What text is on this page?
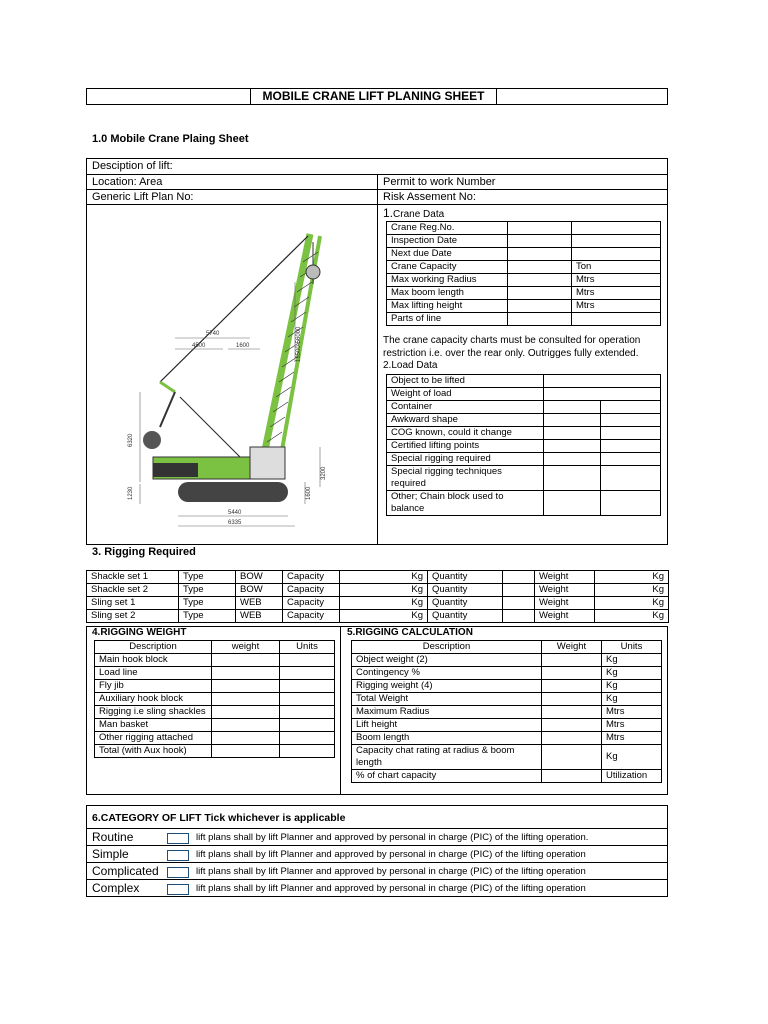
MOBILE CRANE LIFT PLANING SHEET
1.0 Mobile Crane Plaing Sheet
Desciption of lift:
Location: Area	Permit to work Number
Generic Lift Plan No:	Risk Assement No:
1.Crane Data
Crane Reg.No.		
Inspection Date		
Next due Date		
Crane Capacity		Ton
Max working Radius		Mtrs
Max boom length		Mtrs
Max lifting height		Mtrs
Parts of line		
The crane capacity charts must be consulted for operation restriction i.e. over the rear only. Outrigges fully extended.
2.Load Data
Object to be lifted		
Weight of load		
Container		
Awkward shape		
COG known, could it change		
Certified lifting points		
Special rigging required		
Special rigging techniques required		
Other; Chain block used to balance		
5740
4500	1600
6320
1230
5440
6335
1600
3200
18500-56000
3. Rigging Required
Shackle set 1	Type	BOW	Capacity	Kg	Quantity		Weight	Kg
Shackle set 2	Type	BOW	Capacity	Kg	Quantity		Weight	Kg
Sling set 1	Type	WEB	Capacity	Kg	Quantity		Weight	Kg
Sling set 2	Type	WEB	Capacity	Kg	Quantity		Weight	Kg
4.RIGGING WEIGHT	5.RIGGING CALCULATION
Description	weight	Units
Main hook block		
Load line		
Fly jib		
Auxiliary hook block		
Rigging i.e sling shackles		
Man basket		
Other rigging attached		
Total (with Aux hook)		
Description	Weight	Units
Object weight (2)		Kg
Contingency %		Kg
Rigging weight (4)		Kg
Total Weight		Kg
Maximum Radius		Mtrs
Lift height		Mtrs
Boom length		Mtrs
Capacity chat rating at radius & boom length		Kg
% of chart capacity		Utilization
6.CATEGORY OF LIFT Tick whichever is applicable
Routine	lift plans shall by lift Planner and approved by personal in charge (PIC) of the lifting operation.
Simple	lift plans shall by lift Planner and approved by personal in charge (PIC) of the lifting operation
Complicated	lift plans shall by lift Planner and approved by personal in charge (PIC) of the lifting operation
Complex	lift plans shall by lift Planner and approved by personal in charge (PIC) of the lifting operation
